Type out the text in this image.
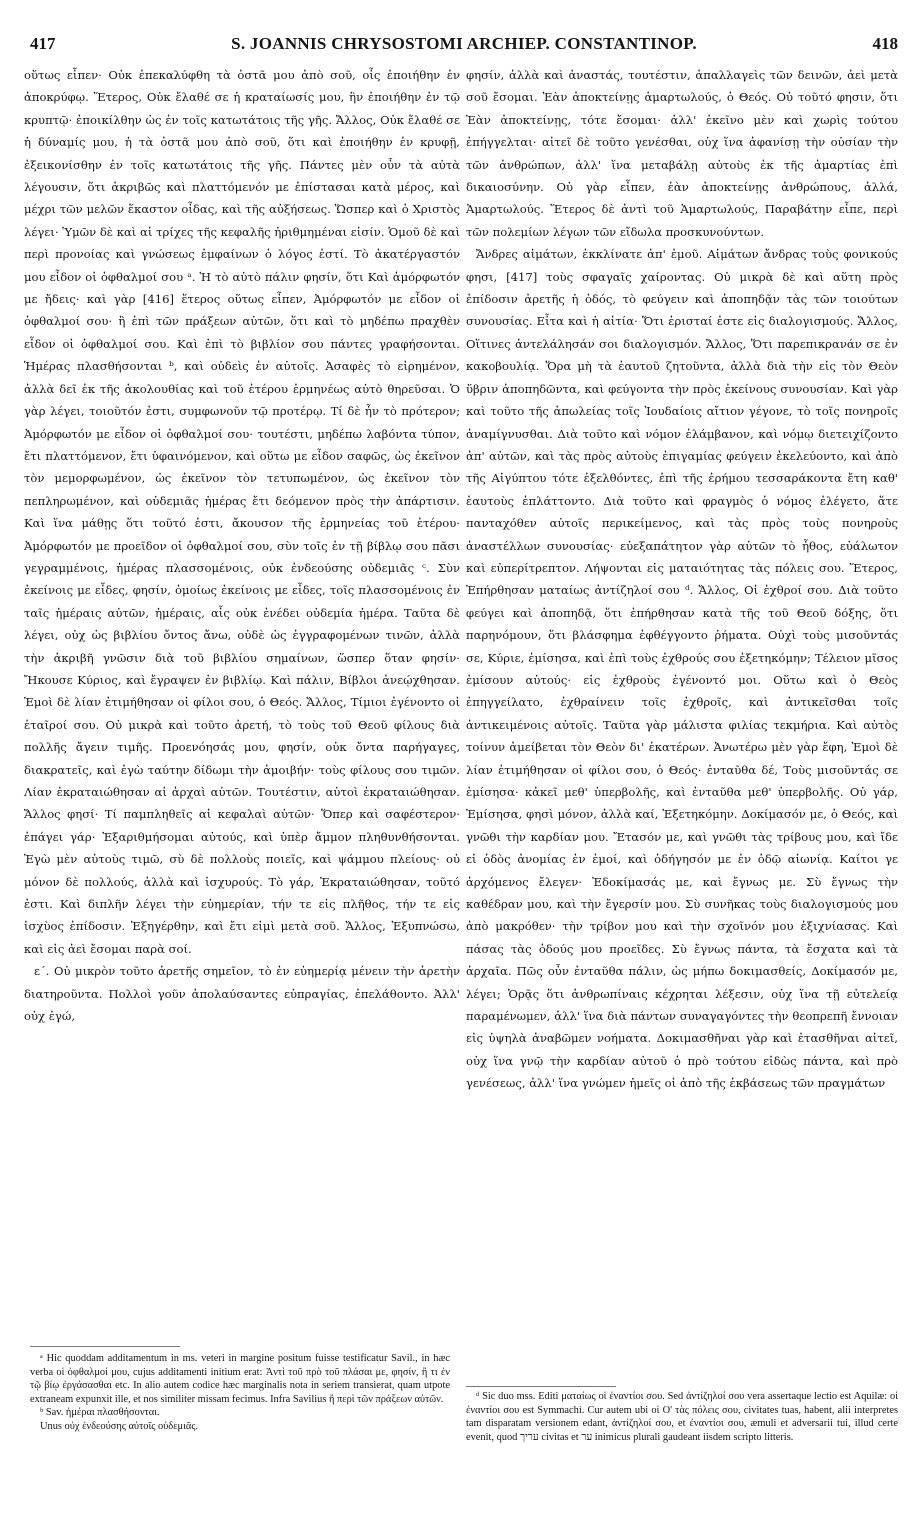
417	S. JOANNIS CHRYSOSTOMI ARCHIEP. CONSTANTINOP.	418

οὕτως εἶπεν· Οὐκ ἐπεκαλύφθη τὰ ὀστᾶ μου ἀπὸ σοῦ, οἷς ἐποιήθην ἐν ἀποκρύφῳ. Ἕτερος, Οὐκ ἔλαθέ σε ἡ κραταίωσίς μου, ἣν ἐποιήθην ἐν τῷ κρυπτῷ· ἐποικίλθην ὡς ἐν τοῖς κατωτάτοις τῆς γῆς. Ἄλλος, Οὐκ ἔλαθέ σε ἡ δύναμίς μου, ἡ τὰ ὀστᾶ μου ἀπὸ σοῦ, ὅτι καὶ ἐποιήθην ἐν κρυφῇ, ἐξεικονίσθην ἐν τοῖς κατωτάτοις τῆς γῆς. Πάντες μὲν οὖν τὰ αὐτὰ λέγουσιν, ὅτι ἀκριβῶς καὶ πλαττόμενόν με ἐπίστασαι κατὰ μέρος, καὶ μέχρι τῶν μελῶν ἕκαστον οἶδας, καὶ τῆς αὐξήσεως. Ὥσπερ καὶ ὁ Χριστὸς λέγει· Ὑμῶν δὲ καὶ αἱ τρίχες τῆς κεφαλῆς ἠριθμημέναι εἰσίν. Ὁμοῦ δὲ καὶ περὶ προνοίας καὶ γνώσεως ἐμφαίνων ὁ λόγος ἐστί. Τὸ ἀκατέργαστόν μου εἶδον οἱ ὀφθαλμοί σου ᵃ. Ἡ τὸ αὐτὸ πάλιν φησίν, ὅτι Καὶ ἀμόρφωτόν με ἤδεις· καὶ γὰρ [416] ἕτερος οὕτως εἶπεν, Ἀμόρφωτόν με εἶδον οἱ ὀφθαλμοί σου· ἢ ἐπὶ τῶν πράξεων αὐτῶν, ὅτι καὶ τὸ μηδέπω πραχθὲν εἶδον οἱ ὀφθαλμοί σου. Καὶ ἐπὶ τὸ βιβλίον σου πάντες γραφήσονται. Ἡμέρας πλασθήσονται ᵇ, καὶ οὐδεὶς ἐν αὐτοῖς. Ἀσαφὲς τὸ εἰρημένον, ἀλλὰ δεῖ ἐκ τῆς ἀκολουθίας καὶ τοῦ ἑτέρου ἑρμηνέως αὐτὸ θηρεῦσαι. Ὁ γὰρ λέγει, τοιοῦτόν ἐστι, συμφωνοῦν τῷ προτέρῳ. Τί δὲ ἦν τὸ πρότερον; Ἀμόρφωτόν με εἶδον οἱ ὀφθαλμοί σου· τουτέστι, μηδέπω λαβόντα τύπον, ἔτι πλαττόμενον, ἔτι ὑφαινόμενον, καὶ οὕτω με εἶδον σαφῶς, ὡς ἐκεῖνον τὸν μεμορφωμένον, ὡς ἐκεῖνον τὸν τετυπωμένον, ὡς ἐκεῖνον τὸν πεπληρωμένον, καὶ οὐδεμιᾶς ἡμέρας ἔτι δεόμενον πρὸς τὴν ἀπάρτισιν. Καὶ ἵνα μάθῃς ὅτι τοῦτό ἐστι, ἄκουσον τῆς ἑρμηνείας τοῦ ἑτέρου· Ἀμόρφωτόν με προεῖδον οἱ ὀφθαλμοί σου, σὺν τοῖς ἐν τῇ βίβλῳ σου πᾶσι γεγραμμένοις, ἡμέρας πλασσομένοις, οὐκ ἐνδεούσης οὐδεμιᾶς ᶜ. Σὺν ἐκείνοις με εἶδες, φησίν, ὁμοίως ἐκείνοις με εἶδες, τοῖς πλασσομένοις ἐν ταῖς ἡμέραις αὐτῶν, ἡμέραις, αἷς οὐκ ἐνέδει οὐδεμία ἡμέρα. Ταῦτα δὲ λέγει, οὐχ ὡς βιβλίου ὄντος ἄνω, οὐδὲ ὡς ἐγγραφομένων τινῶν, ἀλλὰ τὴν ἀκριβῆ γνῶσιν διὰ τοῦ βιβλίου σημαίνων, ὥσπερ ὅταν φησίν· Ἤκουσε Κύριος, καὶ ἔγραψεν ἐν βιβλίῳ. Καὶ πάλιν, Βίβλοι ἀνεῴχθησαν. Ἐμοὶ δὲ λίαν ἐτιμήθησαν οἱ φίλοι σου, ὁ Θεός. Ἄλλος, Τίμιοι ἐγένοντο οἱ ἑταῖροί σου. Οὐ μικρὰ καὶ τοῦτο ἀρετή, τὸ τοὺς τοῦ Θεοῦ φίλους διὰ πολλῆς ἄγειν τιμῆς. Προενόησάς μου, φησίν, οὐκ ὄντα παρήγαγες, διακρατεῖς, καὶ ἐγὼ ταύτην δίδωμι τὴν ἀμοιβήν· τοὺς φίλους σου τιμῶν. Λίαν ἐκραταιώθησαν αἱ ἀρχαὶ αὐτῶν. Τουτέστιν, αὐτοὶ ἐκραταιώθησαν. Ἄλλος φησί· Τί παμπληθεῖς αἱ κεφαλαὶ αὐτῶν· Ὅπερ καὶ σαφέστερον· ἐπάγει γάρ· Ἐξαριθμήσομαι αὐτούς, καὶ ὑπὲρ ἄμμον πληθυνθήσονται. Ἐγὼ μὲν αὐτοὺς τιμῶ, σὺ δὲ πολλοὺς ποιεῖς, καὶ ψάμμου πλείους· οὐ μόνον δὲ πολλούς, ἀλλὰ καὶ ἰσχυρούς. Τὸ γάρ, Ἐκραταιώθησαν, τοῦτό ἐστι. Καὶ διπλῆν λέγει τὴν εὐημερίαν, τήν τε εἰς πλῆθος, τήν τε εἰς ἰσχὺος ἐπίδοσιν. Ἐξηγέρθην, καὶ ἔτι εἰμὶ μετὰ σοῦ. Ἄλλος, Ἐξυπνώσω, καὶ εἰς ἀεὶ ἔσομαι παρὰ σοί.

ε΄. Οὐ μικρὸν τοῦτο ἀρετῆς σημεῖον, τὸ ἐν εὐημερίᾳ μένειν τὴν ἀρετὴν διατηροῦντα. Πολλοὶ γοῦν ἀπολαύσαντες εὐπραγίας, ἐπελάθοντο. Ἀλλ' οὐχ ἐγώ,

ᵃ Hic quoddam additamentum in ms. veteri in margine positum fuisse testificatur Savil., in hæc verba οἱ ὀφθαλμοί μου, cujus additamenti initium erat: Ἀντὶ τοῦ πρὸ τοῦ πλάσαι με, φησίν, ἢ τι ἐν τῷ βίῳ ἐργάσασθαι etc. In alio autem codice hæc marginalis nota in seriem transierat, quam utpote extraneam expunxit ille, et nos similiter missam fecimus. Infra Savilius ἢ περὶ τῶν πράξεων αὐτῶν.

ᵇ Sav. ἡμέραι πλασθήσονται.

Unus οὐχ ἐνδεούσης αὐτοῖς οὐδεμιᾶς.

φησίν, ἀλλὰ καὶ ἀναστάς, τουτέστιν, ἀπαλλαγεὶς τῶν δεινῶν, ἀεὶ μετὰ σοῦ ἔσομαι. Ἐὰν ἀποκτείνῃς ἁμαρτωλούς, ὁ Θεός. Οὐ τοῦτό φησιν, ὅτι Ἐὰν ἀποκτείνῃς, τότε ἔσομαι· ἀλλ' ἐκεῖνο μὲν καὶ χωρὶς τούτου ἐπήγγελται· αἰτεῖ δὲ τοῦτο γενέσθαι, οὐχ ἵνα ἀφανίσῃ τὴν οὐσίαν τὴν τῶν ἀνθρώπων, ἀλλ' ἵνα μεταβάλῃ αὐτοὺς ἐκ τῆς ἁμαρτίας ἐπὶ δικαιοσύνην. Οὐ γὰρ εἶπεν, ἐὰν ἀποκτείνῃς ἀνθρώπους, ἀλλά, Ἁμαρτωλούς. Ἕτερος δὲ ἀντὶ τοῦ Ἁμαρτωλούς, Παραβάτην εἶπε, περὶ τῶν πολεμίων λέγων τῶν εἴδωλα προσκυνούντων.

Ἄνδρες αἱμάτων, ἐκκλίνατε ἀπ' ἐμοῦ. Αἱμάτων ἄνδρας τοὺς φονικούς φησι, [417] τοὺς σφαγαῖς χαίροντας. Οὐ μικρὰ δὲ καὶ αὕτη πρὸς ἐπίδοσιν ἀρετῆς ἡ ὁδός, τὸ φεύγειν καὶ ἀποπηδᾷν τὰς τῶν τοιούτων συνουσίας. Εἶτα καὶ ἡ αἰτία· Ὅτι ἐρισταί ἐστε εἰς διαλογισμούς. Ἄλλος, Οἵτινες ἀντελάλησάν σοι διαλογισμόν. Ἄλλος, Ὅτι παρεπικρανάν σε ἐν κακοβουλίᾳ. Ὅρα μὴ τὰ ἑαυτοῦ ζητοῦντα, ἀλλὰ διὰ τὴν εἰς τὸν Θεὸν ὕβριν ἀποπηδῶντα, καὶ φεύγοντα τὴν πρὸς ἐκείνους συνουσίαν. Καὶ γὰρ καὶ τοῦτο τῆς ἀπωλείας τοῖς Ἰουδαίοις αἴτιον γέγονε, τὸ τοῖς πονηροῖς ἀναμίγνυσθαι. Διὰ τοῦτο καὶ νόμον ἐλάμβανον, καὶ νόμῳ διετειχίζοντο ἀπ' αὐτῶν, καὶ τὰς πρὸς αὐτοὺς ἐπιγαμίας φεύγειν ἐκελεύοντο, καὶ ἀπὸ τῆς Αἰγύπτου τότε ἐξελθόντες, ἐπὶ τῆς ἐρήμου τεσσαράκοντα ἔτη καθ' ἑαυτοὺς ἐπλάττοντο. Διὰ τοῦτο καὶ φραγμὸς ὁ νόμος ἐλέγετο, ἅτε πανταχόθεν αὐτοῖς περικείμενος, καὶ τὰς πρὸς τοὺς πονηροὺς ἀναστέλλων συνουσίας· εὐεξαπάτητον γὰρ αὐτῶν τὸ ἦθος, εὐάλωτον καὶ εὐπερίτρεπτον. Λήψονται εἰς ματαιότητας τὰς πόλεις σου. Ἕτερος, Ἐπήρθησαν ματαίως ἀντίζηλοί σου ᵈ. Ἄλλος, Οἱ ἐχθροί σου. Διὰ τοῦτο φεύγει καὶ ἀποπηδᾷ, ὅτι ἐπήρθησαν κατὰ τῆς τοῦ Θεοῦ δόξης, ὅτι παρηνόμουν, ὅτι βλάσφημα ἐφθέγγοντο ῥήματα. Οὐχὶ τοὺς μισοῦντάς σε, Κύριε, ἐμίσησα, καὶ ἐπὶ τοὺς ἐχθρούς σου ἐξετηκόμην; Τέλειον μῖσος ἐμίσουν αὐτούς· εἰς ἐχθροὺς ἐγένοντό μοι. Οὕτω καὶ ὁ Θεὸς ἐπηγγείλατο, ἐχθραίνειν τοῖς ἐχθροῖς, καὶ ἀντικεῖσθαι τοῖς ἀντικειμένοις αὐτοῖς. Ταῦτα γὰρ μάλιστα φιλίας τεκμήρια. Καὶ αὐτὸς τοίνυν ἀμείβεται τὸν Θεὸν δι' ἑκατέρων. Ἀνωτέρω μὲν γὰρ ἔφη, Ἐμοὶ δὲ λίαν ἐτιμήθησαν οἱ φίλοι σου, ὁ Θεός· ἐνταῦθα δέ, Τοὺς μισοῦντάς σε ἐμίσησα· κἀκεῖ μεθ' ὑπερβολῆς, καὶ ἐνταῦθα μεθ' ὑπερβολῆς. Οὐ γάρ, Ἐμίσησα, φησὶ μόνον, ἀλλὰ καί, Ἐξετηκόμην. Δοκίμασόν με, ὁ Θεός, καὶ γνῶθι τὴν καρδίαν μου. Ἔτασόν με, καὶ γνῶθι τὰς τρίβους μου, καὶ ἴδε εἰ ὁδὸς ἀνομίας ἐν ἐμοί, καὶ ὁδήγησόν με ἐν ὁδῷ αἰωνίᾳ. Καίτοι γε ἀρχόμενος ἔλεγεν· Ἐδοκίμασάς με, καὶ ἔγνως με. Σὺ ἔγνως τὴν καθέδραν μου, καὶ τὴν ἔγερσίν μου. Σὺ συνῆκας τοὺς διαλογισμούς μου ἀπὸ μακρόθεν· τὴν τρίβον μου καὶ τὴν σχοῖνόν μου ἐξιχνίασας. Καὶ πάσας τὰς ὁδούς μου προεῖδες. Σὺ ἔγνως πάντα, τὰ ἔσχατα καὶ τὰ ἀρχαῖα. Πῶς οὖν ἐνταῦθα πάλιν, ὡς μήπω δοκιμασθείς, Δοκίμασόν με, λέγει; Ὁρᾷς ὅτι ἀνθρωπίναις κέχρηται λέξεσιν, οὐχ ἵνα τῇ εὐτελείᾳ παραμένωμεν, ἀλλ' ἵνα διὰ πάντων συναγαγόντες τὴν θεοπρεπῆ ἔννοιαν εἰς ὑψηλὰ ἀναβῶμεν νοήματα. Δοκιμασθῆναι γὰρ καὶ ἐτασθῆναι αἰτεῖ, οὐχ ἵνα γνῷ τὴν καρδίαν αὐτοῦ ὁ πρὸ τούτου εἰδὼς πάντα, καὶ πρὸ γενέσεως, ἀλλ' ἵνα γνώμεν ἡμεῖς οἱ ἀπὸ τῆς ἐκβάσεως τῶν πραγμάτων

ᵈ Sic duo mss. Editi ματαίως οἱ ἐναντίοι σου. Sed ἀντίζηλοί σου vera assertaque lectio est Aquilæ: οἱ ἐναντίοι σου est Symmachi. Cur autem ubi οἱ Ο' τὰς πόλεις σου, civitates tuas, habent, alii interpretes tam disparatam versionem edant, ἀντίζηλοί σου, et ἐναντίοι σου, æmuli et adversarii tui, illud certe evenit, quod עריך civitas et ער inimicus plurali gaudeant iisdem scripto litteris.
